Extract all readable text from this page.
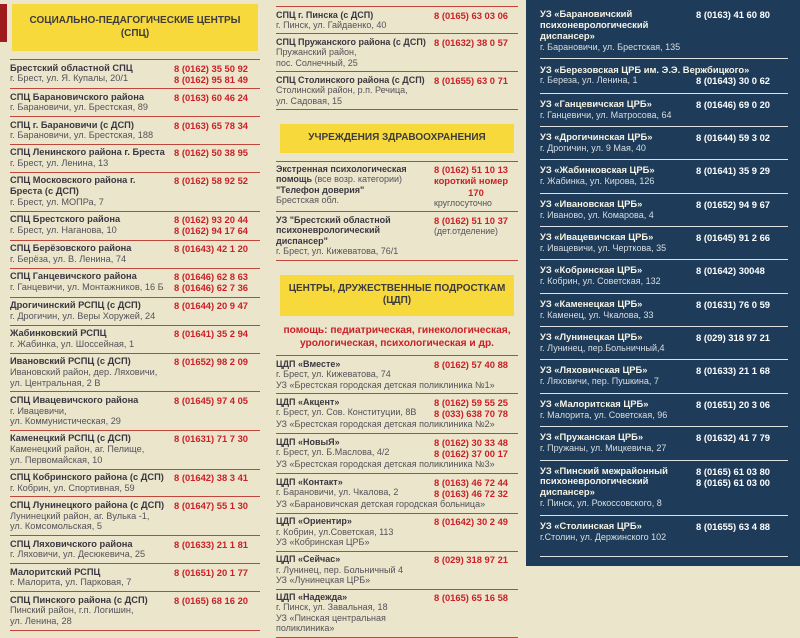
СОЦИАЛЬНО-ПЕДАГОГИЧЕСКИЕ ЦЕНТРЫ (СПЦ)
Брестский областной СПЦ
г. Брест, ул. Я. Купалы, 20/1
8 (0162) 35 50 92
8 (0162) 95 81 49
СПЦ Барановичского района
г. Барановичи, ул. Брестская, 89
8 (0163) 60 46 24
СПЦ г. Барановичи (с ДСП)
г. Барановичи, ул. Брестская, 188
8 (0163) 65 78 34
СПЦ Ленинского района г. Бреста
г. Брест, ул. Ленина, 13
8 (0162) 50 38 95
СПЦ Московского района г. Бреста (с ДСП)
г. Брест, ул. МОПРа, 7
8 (0162) 58 92 52
СПЦ Брестского района
г. Брест, ул. Наганова, 10
8 (0162) 93 20 44
8 (0162) 94 17 64
СПЦ Берёзовского района
г. Берёза, ул. В. Ленина, 74
8 (01643) 42 1 20
СПЦ Ганцевичского района
г. Ганцевичи, ул. Монтажников, 16 Б
8 (01646) 62 8 63
8 (01646) 62 7 36
Дрогичинский РСПЦ (с ДСП)
г. Дрогичин, ул. Веры Хоружей, 24
8 (01644) 20 9 47
Жабинковский РСПЦ
г. Жабинка, ул. Шоссейная, 1
8 (01641) 35 2 94
Ивановский РСПЦ (с ДСП)
Ивановский район, дер. Ляховичи,
ул. Центральная, 2 В
8 (01652) 98 2 09
СПЦ Ивацевичского района
г. Ивацевичи,
ул. Коммунистическая, 29
8 (01645) 97 4 05
Каменецкий РСПЦ (с ДСП)
Каменецкий район, аг. Пелище,
ул. Первомайская, 10
8 (01631) 71 7 30
СПЦ Кобринского района (с ДСП)
г. Кобрин, ул. Спортивная, 59
8 (01642) 38 3 41
СПЦ Лунинецкого района (с ДСП)
Лунинецкий район, аг. Вулька -1,
ул. Комсомольская, 5
8 (01647) 55 1 30
СПЦ Ляховичского района
г. Ляховичи, ул. Десюкевича, 25
8 (01633) 21 1 81
Малоритский РСПЦ
г. Малорита, ул. Парковая, 7
8 (01651) 20 1 77
СПЦ Пинского района (с ДСП)
Пинский район, г.п. Логишин,
ул. Ленина, 28
8 (0165) 68 16 20
СПЦ г. Пинска (с ДСП)
г. Пинск, ул. Гайдаенко, 40
8 (0165) 63 03 06
СПЦ Пружанского района (с ДСП)
Пружанский район,
пос. Солнечный, 25
8 (01632) 38 0 57
СПЦ Столинского района (с ДСП)
Столинский район, р.п. Речица,
ул. Садовая, 15
8 (01655) 63 0 71
УЧРЕЖДЕНИЯ ЗДРАВООХРАНЕНИЯ
Экстренная психологическая
помощь (все возр. категории)
"Телефон доверия"
Брестская обл.
8 (0162) 51 10 13
короткий номер
170
круглосуточно
УЗ "Брестский областной
психоневрологический диспансер"
г. Брест, ул. Кижеватова, 76/1
8 (0162) 51 10 37
(дет.отделение)
ЦЕНТРЫ, ДРУЖЕСТВЕННЫЕ ПОДРОСТКАМ (ЦДП)
помощь: педиатрическая, гинекологическая,
урологическая, психологическая и др.
ЦДП «Вместе»
г. Брест, ул. Кижеватова, 74
8 (0162) 57 40 88
УЗ «Брестская городская детская поликлиника №1»
ЦДП «Акцент»
г. Брест, ул. Сов. Конституции, 8В
8 (0162) 59 55 25
8 (033) 638 70 78
УЗ «Брестская городская детская поликлиника №2»
ЦДП «НовыЯ»
г. Брест, ул. Б.Маслова, 4/2
8 (0162) 30 33 48
8 (0162) 37 00 17
УЗ «Брестская городская детская поликлиника №3»
ЦДП «Контакт»
г. Барановичи, ул. Чкалова, 2
8 (0163) 46 72 44
8 (0163) 46 72 32
УЗ «Барановичская детская городская больница»
ЦДП «Ориентир»
г. Кобрин, ул.Советская, 113
УЗ «Кобринская ЦРБ»
8 (01642) 30 2 49
ЦДП «Сейчас»
г. Лунинец, пер. Больничный 4
УЗ «Лунинецкая ЦРБ»
8 (029) 318 97 21
ЦДП «Надежда»
г. Пинск, ул. Завальная, 18
УЗ «Пинская центральная поликлиника»
8 (0165) 65 16 58
УЗ «Барановичский
психоневрологический
диспансер»
г. Барановичи, ул. Брестская, 135
8 (0163) 41 60 80
УЗ «Березовская ЦРБ им. Э.Э. Вержбицкого»
г. Береза, ул. Ленина, 1	8 (01643) 30 0 62
УЗ «Ганцевичская ЦРБ»
г. Ганцевичи, ул. Матросова, 64
8 (01646) 69 0 20
УЗ «Дрогичинская ЦРБ»
г. Дрогичин, ул. 9 Мая, 40
8 (01644) 59 3 02
УЗ «Жабинковская ЦРБ»
г. Жабинка, ул. Кирова, 126
8 (01641) 35 9 29
УЗ «Ивановская ЦРБ»
г. Иваново, ул. Комарова, 4
8 (01652) 94 9 67
УЗ «Ивацевичская ЦРБ»
г. Ивацевичи, ул. Черткова, 35
8 (01645) 91 2 66
УЗ «Кобринская ЦРБ»
г. Кобрин, ул. Советская, 132
8 (01642) 30048
УЗ «Каменецкая ЦРБ»
г. Каменец, ул. Чкалова, 33
8 (01631) 76 0 59
УЗ «Лунинецкая ЦРБ»
г. Лунинец, пер.Больничный,4
8 (029) 318 97 21
УЗ «Ляховичская ЦРБ»
г. Ляховичи, пер. Пушкина, 7
8 (01633) 21 1 68
УЗ «Малоритская ЦРБ»
г. Малорита, ул. Советская, 96
8 (01651) 20 3 06
УЗ «Пружанская ЦРБ»
г. Пружаны, ул. Мицкевича, 27
8 (01632) 41 7 79
УЗ «Пинский межрайонный
психоневрологический
диспансер»
г. Пинск, ул. Рокоссовского, 8
8 (0165) 61 03 80
8 (0165) 61 03 00
УЗ «Столинская ЦРБ»
г.Столин, ул. Держинского 102
8 (01655) 63 4 88
